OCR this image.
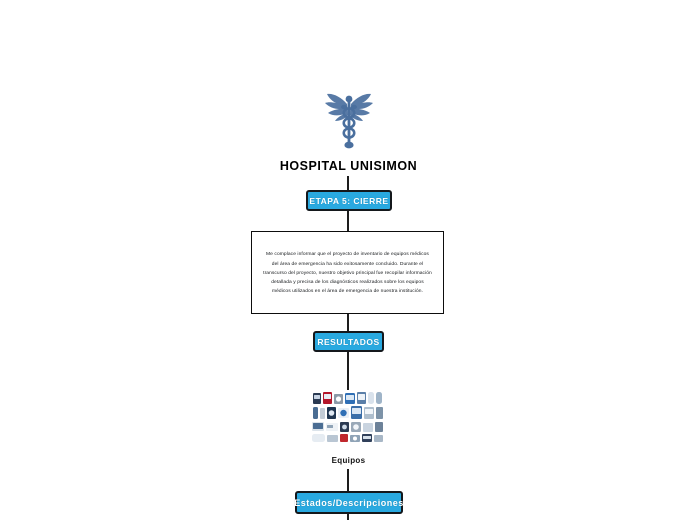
HOSPITAL UNISIMON
ETAPA 5: CIERRE

Me complace informar que el proyecto de inventario de equipos médicos del área de emergencia ha sido exitosamente concluido. Durante el transcurso del proyecto, nuestro objetivo principal fue recopilar información detallada y precisa de los diagnósticos realizados sobre los equipos médicos utilizados en el área de emergencia de nuestra institución.

RESULTADOS
Equipos
Estados/Descripciones
